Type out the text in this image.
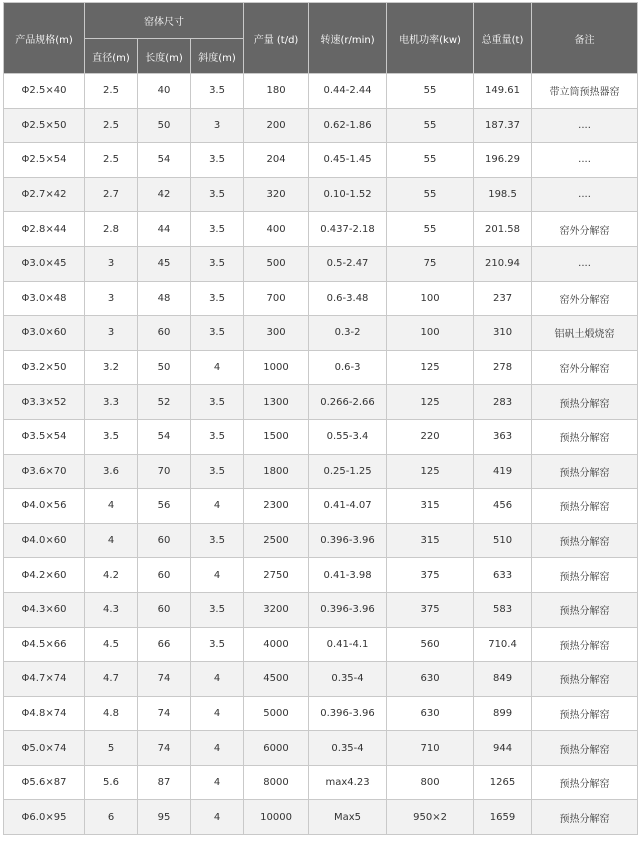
产品规格(m)	窑体尺寸			产量 (t/d)	转速(r/min)	电机功率(kw)	总重量(t)	备注
	直径(m)	长度(m)	斜度(m)					
Φ2.5×40	2.5	40	3.5	180	0.44-2.44	55	149.61	带立筒预热器窑
Φ2.5×50	2.5	50	3	200	0.62-1.86	55	187.37	....
Φ2.5×54	2.5	54	3.5	204	0.45-1.45	55	196.29	....
Φ2.7×42	2.7	42	3.5	320	0.10-1.52	55	198.5	....
Φ2.8×44	2.8	44	3.5	400	0.437-2.18	55	201.58	窑外分解窑
Φ3.0×45	3	45	3.5	500	0.5-2.47	75	210.94	....
Φ3.0×48	3	48	3.5	700	0.6-3.48	100	237	窑外分解窑
Φ3.0×60	3	60	3.5	300	0.3-2	100	310	铝矾土煅烧窑
Φ3.2×50	3.2	50	4	1000	0.6-3	125	278	窑外分解窑
Φ3.3×52	3.3	52	3.5	1300	0.266-2.66	125	283	预热分解窑
Φ3.5×54	3.5	54	3.5	1500	0.55-3.4	220	363	预热分解窑
Φ3.6×70	3.6	70	3.5	1800	0.25-1.25	125	419	预热分解窑
Φ4.0×56	4	56	4	2300	0.41-4.07	315	456	预热分解窑
Φ4.0×60	4	60	3.5	2500	0.396-3.96	315	510	预热分解窑
Φ4.2×60	4.2	60	4	2750	0.41-3.98	375	633	预热分解窑
Φ4.3×60	4.3	60	3.5	3200	0.396-3.96	375	583	预热分解窑
Φ4.5×66	4.5	66	3.5	4000	0.41-4.1	560	710.4	预热分解窑
Φ4.7×74	4.7	74	4	4500	0.35-4	630	849	预热分解窑
Φ4.8×74	4.8	74	4	5000	0.396-3.96	630	899	预热分解窑
Φ5.0×74	5	74	4	6000	0.35-4	710	944	预热分解窑
Φ5.6×87	5.6	87	4	8000	max4.23	800	1265	预热分解窑
Φ6.0×95	6	95	4	10000	Max5	950×2	1659	预热分解窑
